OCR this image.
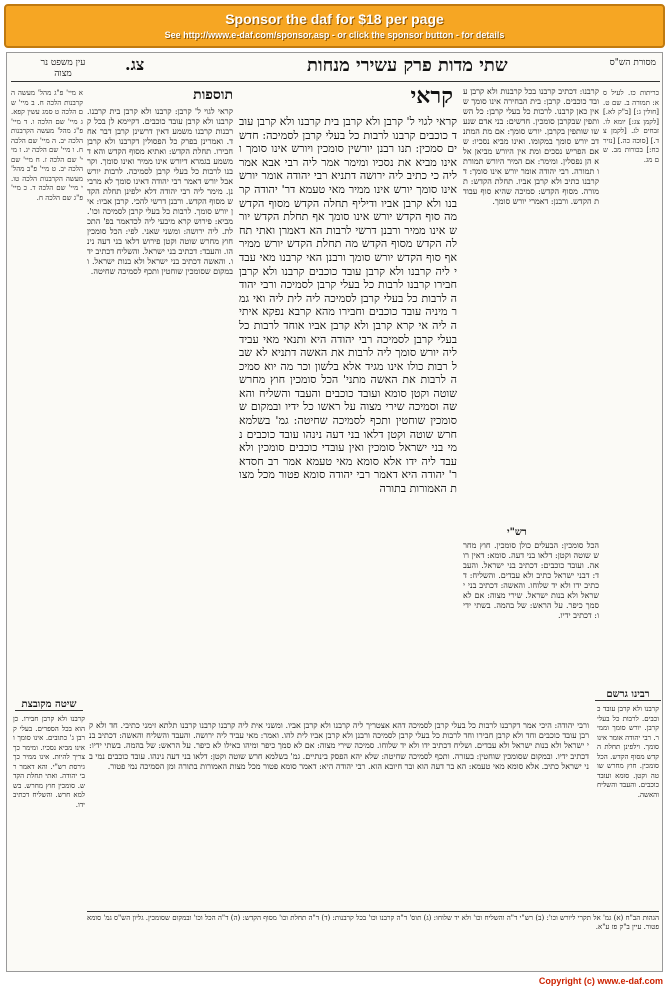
Sponsor the daf for $18 per page
See http://www.e-daf.com/sponsor.asp - or click the sponsor button - for details
שתי מדות פרק עשירי מנחות
צג.
עין משפט נר מצוה
מסורת הש"ס
א מיי' פ"ג מהל' מעשה הקרבנות הלכה ח. ב מיי' שם הלכה ט סמג עשין קפא. ג מיי' שם הלכה ו. ד מיי' פ"ג מהל' מעשה הקרבנות הלכה יב. ה מיי' שם הלכה ח. ו מיי' שם הלכה יג. ז מיי' שם הלכה ז. ח מיי' שם הלכה יב. ט מיי' פ"ב מהל' מעשה הקרבנות הלכה טו. י מיי' שם הלכה ד. כ מיי' פ"ג שם הלכה ח.
תוספות
קראי לגוי ל' קרבן: קרבנו ולא קרבן בית קרבנו. קרבנו ולא קרבן עובד כוכבים. דקיימא לן בכל קרבנות קרבנו משמע דאין דרשינן קרבן דבר אחד. ואמרינן בפרק כל הפסולין דקרבנו ולא קרבן חבירו. תחלת הקדש: ואתיא מסוף הקדש והא דמשמע בגמרא דיורש אינו ממיר ואינו סומך. וקרבנו לרבות כל בעלי קרבן לסמיכה. לרבות יורש אבל יורש דאמר רבי יהודה דאינו סומך לא מרבינן. מימר ליה רבי יהודה דלא ילפינן תחלת הקדש מסוף הקדש. ורבנן דרשי להכי. קרבן אביו: אין יורש סומך. לרבות כל בעלי קרבן לסמיכה וכו'. מביא: פירוש קרא מיבעי ליה לכדאמר בפ' התכלת. ליה ירושה: ומשני שאני. לפי: הכל סומכין חוץ מחרש שוטה וקטן פירוש דלאו בני דעה נינהו. והעבד: דכתיב בני ישראל. והשליח דכתיב ידו. והאשה דכתיב בני ישראל ולא בנות ישראל. ובמקום שסומכין שוחטין ותכף לסמיכה שחיטה.
קראי
קראי לגוי ל' קרבן ולא קרבן בית קרבנו ולא קרבן עובד כוכבים קרבנו לרבות כל בעלי קרבן לסמיכה: חדשים סמכין: תנו רבנן יורשין סומכין ויורש אינו סומך ואינו מביא את נסכיו ומימר אמר ליה רבי אבא אמר ליה כי כתיב ליה ירושה דתניא רבי יהודה אומר יורש אינו סומך יורש אינו ממיר מאי טעמא דר' יהודה קרבנו ולא קרבן אביו ודיליף תחלה הקדש מסוף הקדש מה סוף הקדש יורש אינו סומך אף תחלת הקדש יורש אינו ממיר ורבנן דרשי לרבות הא דאמרן ואתי תחלה הקדש מסוף הקדש מה תחלת הקדש יורש ממיר אף סוף הקדש יורש סומך ורבנן האי קרבנו מאי עבדי ליה קרבנו ולא קרבן עובד כוכבים קרבנו ולא קרבן חבירו קרבנו לרבות כל בעלי קרבן לסמיכה ורבי יהודה לרבות כל בעלי קרבן לסמיכה ליה לית ליה ואי גמר מיניה עובד כוכבים וחבירו מהא קרבא נפקא איתיה ליה אי קרא קרבן ולא קרבן אביו אוחד לרבות כל בעלי קרבן לסמיכה רבי יהודה היא ותנאי מאי עביד ליה יורש סומך ליה לרבות את האשה דתניא לא שבל רבות כולו אינו מגיד אלא בלשון וכר מה יוא סמיכה לרבות את האשה מתני' הכל סומכין חוץ מחרש שוטה וקטן סומא ועובד כוכבים והעבד והשליח והאשה וסמיכה שירי מצוה על ראשו כל ידיו ובמקום שסומכין שוחטין ותכף לסמיכה שחיטה: גמ' בשלמא חרש שוטה וקטן דלאו בני דעה נינהו עובד כוכבים נמי בני ישראל סומכין ואין עובדי כוכבים סומכין ולא עבד ליה ידו אלא סומא מאי טעמא אמר רב חסדא ר' יהודה היא דאמר רבי יהודה סומא פטור מכל מצות האמורות בתורה
קרבנו: דכתיב קרבנו בכל קרבנות ולא קרבן עובד כוכבים. קרבן: בית הבחירה אינו סומך שאין כאן קרבנו. לרבות כל בעלי קרבן: כל השותפין שבקרבן סומכין. חדשים: בני אדם שנעשו שותפין בקרבן. יורש סומך: אם מת המתנדב יורש סומך במקומו. ואינו מביא נסכיו: שאם הפריש נסכים ומת אין היורש מביאן אלא הן נפסלין. ומימר: אם המיר היורש תמורתו תמורה. רבי יהודה אומר יורש אינו סומך: דקרבנו כתיב ולא קרבן אביו. תחלת הקדש: תמורה. מסוף הקדש: סמיכה שהיא סוף עבודת הקדש. ורבנן: דאמרי יורש סומך.
רש"י
הכל סומכין: הבעלים כולן סומכין. חוץ מחרש שוטה וקטן: דלאו בני דעה. סומא: דאין רואה. ועובד כוכבים: דכתיב בני ישראל. והעבד: דבני ישראל כתיב ולא עבדים. והשליח: דכתיב ידו ולא יד שלוחו. והאשה: דכתיב בני ישראל ולא בנות ישראל. שירי מצוה: אם לא סמך כיפר. על הראש: של בהמה. בשתי ידיו: דכתיב ידיו.
כריתות כז. לעיל סא: תמורה ב. שם ט. [חולין ג:] [ב"ק לא.] [לקמן צג:] יומא לו. זבחים לג. [לקמן צד.] [סוכה כה.] [נזיר כח:] בכורות מב. שם מג.
שיטה מקובצת
קרבנו ולא קרבן חבירו. כן הוא בכל הספרים. בעלי קרבן ג' כתובים. אינו סומך ואינו מביא נסכיו. ומימר כך צריך להיות. אינו ממיר כך גירסת רש"י. והא דאמר רבי יהודה. ואתי תחלת הקדש. סומכין חוץ מחרש. בשלמא חרש. והשליח דכתיב ידו.
רבינו גרשם
קרבנו ולא קרבן עובד כוכבים. לרבות כל בעלי קרבן. יורש סומך וממיר. רבי יהודה אומר אינו סומך. וילפינן תחלת הקדש מסוף הקדש. הכל סומכין. חוץ מחרש שוטה וקטן. סומא ועובד כוכבים. והעבד והשליח והאשה.
ורבי יהודה: היכי אמר דקרבנו לרבות כל בעלי קרבן לסמיכה דהא אצטריך ליה קרבנו ולא קרבן אביו. ומשני אית ליה קרבנו קרבנו קרבנו תלתא זימני כתיבי. חד ולא קרבן עובד כוכבים וחד ולא קרבן חבירו וחד לרבות כל בעלי קרבן לסמיכה ורבנן ולא קרבן אביו לית להו. ואמר: מאי עביד ליה ירושה. והעבד והשליח והאשה: דכתיב בני ישראל ולא בנות ישראל ולא עבדים. ושליח דכתיב ידו ולא יד שלוחו. סמיכה שירי מצוה: אם לא סמך כיפר ומיהו כאילו לא כיפר. על הראש: של בהמה. בשתי ידיו: דכתיב ידיו. ובמקום שסומכין שוחטין: בעזרה. ותכף לסמיכה שחיטה: שלא יהא הפסק בינתיים. גמ' בשלמא חרש שוטה וקטן: דלאו בני דעה נינהו. עובד כוכבים נמי בני ישראל כתיב. אלא סומא מאי טעמא: הא בר דעה הוא ובר חיובא הוא. רבי יהודה היא: דאמר סומא פטור מכל מצות האמורות בתורה ומן הסמיכה נמי פטור.
הגהות הב"ח (א) גמ' אל תקרי ליורש וכו': (ב) רש"י ד"ה והשליח וכו' ולא יד שלוחו: (ג) תוס' ד"ה קרבנו וכו' בכל קרבנות: (ד) ד"ה תחלת וכו' מסוף הקדש: (ה) ד"ה הכל וכו' ובמקום שסומכין. גליון הש"ס גמ' סומא פטור. עיין ב"ק פז ע"א.
Copyright (c) www.e-daf.com
